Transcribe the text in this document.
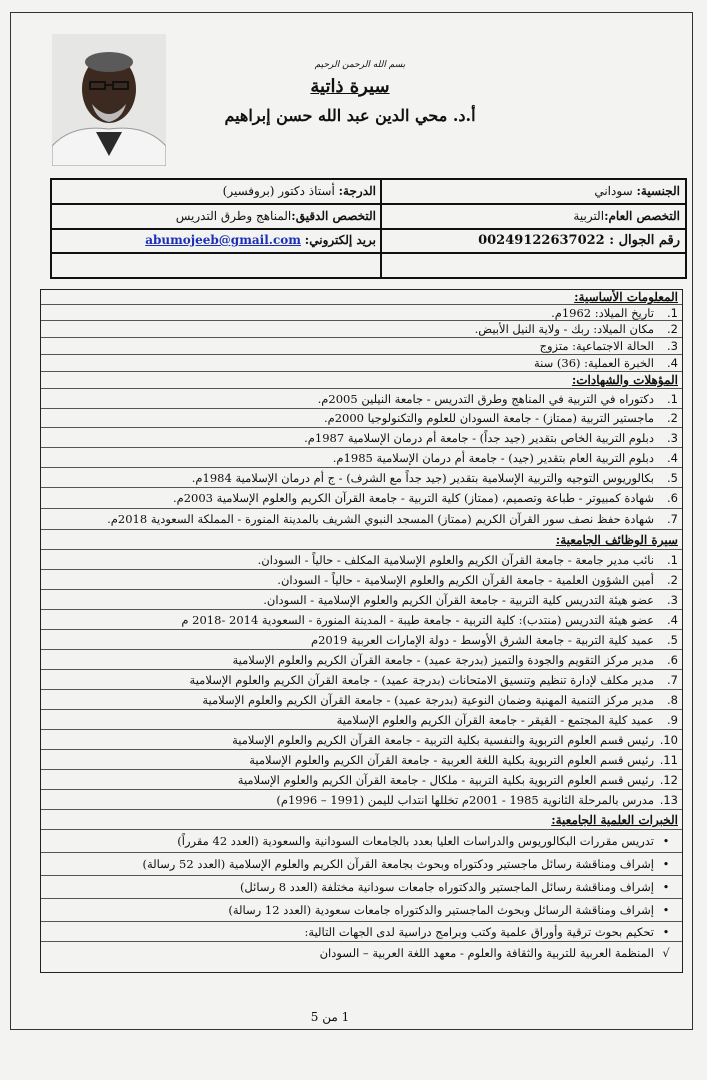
بسم الله الرحمن الرحيم
سيرة ذاتية
أ.د. محي الدين عبد الله حسن إبراهيم
الجنسية: سوداني
الدرجة: أستاذ دكتور (بروفسير)
التخصص العام:التربية
التخصص الدقيق:المناهج وطرق التدريس
رقم الجوال : 00249122637022
بريد إلكتروني: abumojeeb@gmail.com
المعلومات الأساسية:
1.تاريخ الميلاد: 1962م.
2.مكان الميلاد: ربك - ولاية النيل الأبيض.
3.الحالة الاجتماعية: متزوج
4.الخبرة العملية: (36) سنة
المؤهلات والشهادات:
1.دكتوراه في التربية في المناهج وطرق التدريس - جامعة النيلين 2005م.
2.ماجستير التربية (ممتاز) - جامعة السودان للعلوم والتكنولوجيا 2000م.
3.دبلوم التربية الخاص بتقدير (جيد جداً) - جامعة أم درمان الإسلامية 1987م.
4.دبلوم التربية العام بتقدير (جيد) - جامعة أم درمان الإسلامية 1985م.
5.بكالوريوس التوجيه والتربية الإسلامية بتقدير (جيد جداً مع الشرف) - ج أم درمان الإسلامية 1984م.
6.شهادة كمبيوتر - طباعة وتصميم، (ممتاز) كلية التربية - جامعة القرآن الكريم والعلوم الإسلامية 2003م.
7.شهادة حفظ نصف سور القرآن الكريم (ممتاز) المسجد النبوي الشريف بالمدينة المنورة - المملكة السعودية 2018م.
سيرة الوظائف الجامعية:
1.نائب مدير جامعة - جامعة القرآن الكريم والعلوم الإسلامية المكلف - حالياً - السودان.
2.أمين الشؤون العلمية - جامعة القرآن الكريم والعلوم الإسلامية - حالياً - السودان.
3.عضو هيئة التدريس كلية التربية - جامعة القرآن الكريم والعلوم الإسلامية - السودان.
4.عضو هيئة التدريس (منتدب): كلية التربية - جامعة طيبة - المدينة المنورة - السعودية 2014 -2018 م
5.عميد كلية التربية - جامعة الشرق الأوسط - دولة الإمارات العربية 2019م
6.مدير مركز التقويم والجودة والتميز (بدرجة عميد) - جامعة القرآن الكريم والعلوم الإسلامية
7.مدير مكلف لإدارة تنظيم وتنسيق الامتحانات (بدرجة عميد) - جامعة القرآن الكريم والعلوم الإسلامية
8.مدير مركز التنمية المهنية وضمان النوعية (بدرجة عميد) - جامعة القرآن الكريم والعلوم الإسلامية
9.عميد كلية المجتمع - القيقر - جامعة القرآن الكريم والعلوم الإسلامية
10.رئيس قسم العلوم التربوية والنفسية بكلية التربية - جامعة القرآن الكريم والعلوم الإسلامية
11.رئيس قسم العلوم التربوية بكلية اللغة العربية - جامعة القرآن الكريم والعلوم الإسلامية
12.رئيس قسم العلوم التربوية بكلية التربية - ملكال - جامعة القرآن الكريم والعلوم الإسلامية
13.مدرس بالمرحلة الثانوية 1985 - 2001م تخللها انتداب لليمن (1991 – 1996م)
الخبرات العلمية الجامعية:
•تدريس مقررات البكالوريوس والدراسات العليا بعدد بالجامعات السودانية والسعودية (العدد 42 مقرراً)
•إشراف ومناقشة رسائل ماجستير ودكتوراه وبحوث بجامعة القرآن الكريم والعلوم الإسلامية (العدد 52 رسالة)
•إشراف ومناقشة رسائل الماجستير والدكتوراه جامعات سودانية مختلفة (العدد 8 رسائل)
•إشراف ومناقشة الرسائل وبحوث الماجستير والدكتوراه جامعات سعودية (العدد 12 رسالة)
•تحكيم بحوث ترقية وأوراق علمية وكتب وبرامج دراسية لدى الجهات التالية:
√المنظمة العربية للتربية والثقافة والعلوم - معهد اللغة العربية – السودان
1 من 5
